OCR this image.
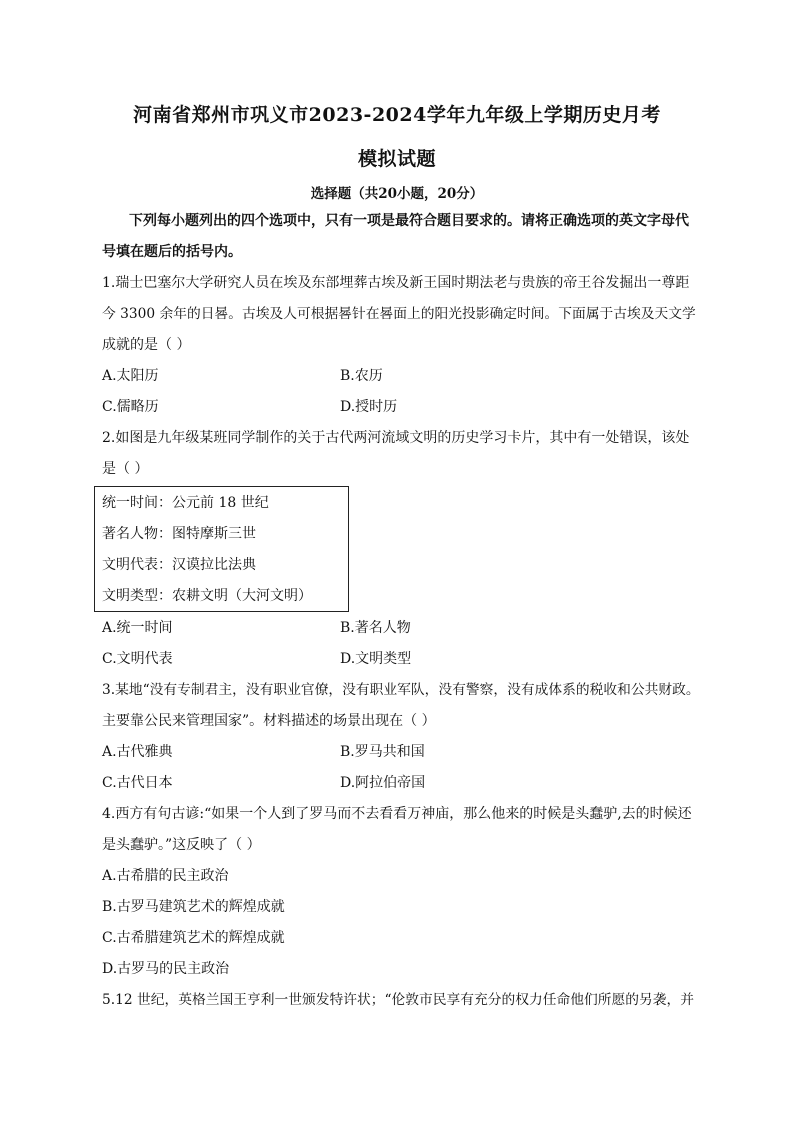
河南省郑州市巩义市2023-2024学年九年级上学期历史月考
模拟试题
选择题（共20小题，20分）
下列每小题列出的四个选项中，只有一项是最符合题目要求的。请将正确选项的英文字母代
号填在题后的括号内。
1.瑞士巴塞尔大学研究人员在埃及东部埋葬古埃及新王国时期法老与贵族的帝王谷发掘出一尊距
今 3300 余年的日晷。古埃及人可根据晷针在晷面上的阳光投影确定时间。下面属于古埃及天文学
成就的是（ ）
A.太阳历	B.农历
C.儒略历	D.授时历
2.如图是九年级某班同学制作的关于古代两河流域文明的历史学习卡片，其中有一处错误，该处
是（ ）
统一时间：公元前 18 世纪
著名人物：图特摩斯三世
文明代表：汉谟拉比法典
文明类型：农耕文明（大河文明）
A.统一时间	B.著名人物
C.文明代表	D.文明类型
3.某地“没有专制君主，没有职业官僚，没有职业军队，没有警察，没有成体系的税收和公共财政。
主要靠公民来管理国家”。材料描述的场景出现在（ ）
A.古代雅典	B.罗马共和国
C.古代日本	D.阿拉伯帝国
4.西方有句古谚:“如果一个人到了罗马而不去看看万神庙，那么他来的时候是头蠢驴,去的时候还
是头蠢驴。”这反映了（ ）
A.古希腊的民主政治
B.古罗马建筑艺术的辉煌成就
C.古希腊建筑艺术的辉煌成就
D.古罗马的民主政治
5.12 世纪，英格兰国王亨利一世颁发特许状；“伦敦市民享有充分的权力任命他们所愿的另袭，并
